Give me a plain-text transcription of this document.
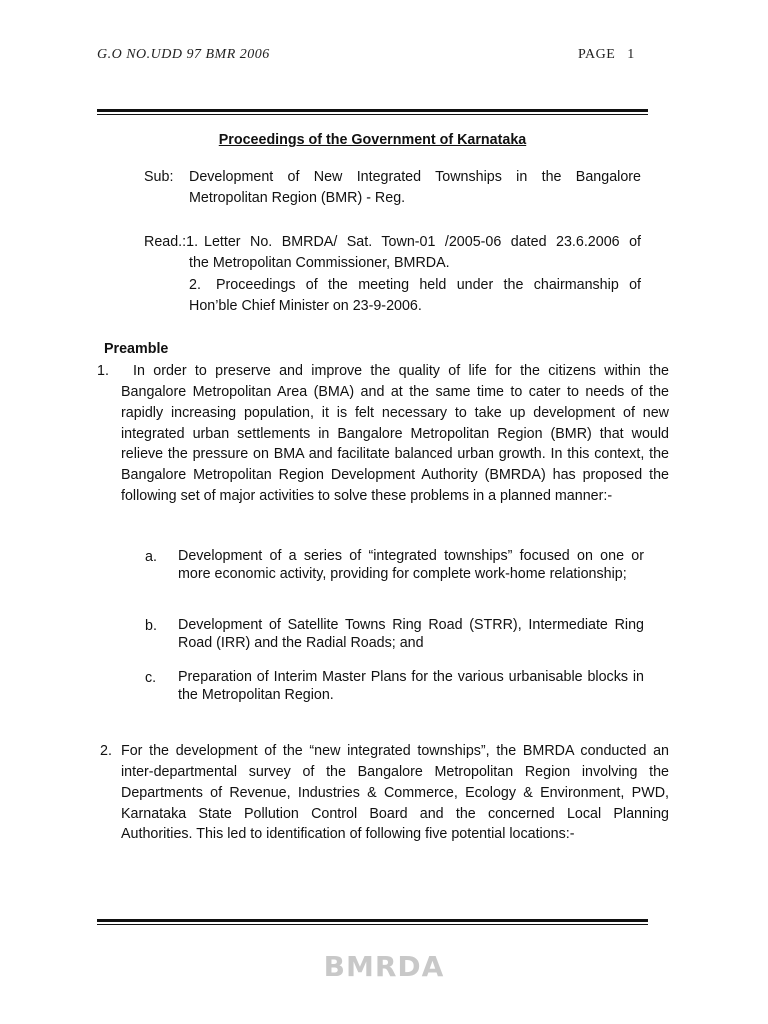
G.O NO.UDD 97 BMR 2006	PAGE 1
Proceedings of the Government of Karnataka
Sub: Development of New Integrated Townships in the Bangalore
Metropolitan Region (BMR) - Reg.
Read.:1. Letter No. BMRDA/ Sat. Town-01 /2005-06 dated 23.6.2006 of
the Metropolitan Commissioner, BMRDA.
2. Proceedings of the meeting held under the chairmanship of
Hon’ble Chief Minister on 23-9-2006.
Preamble
1. In order to preserve and improve the quality of life for the citizens within the
Bangalore Metropolitan Area (BMA) and at the same time to cater to needs of the rapidly increasing population, it is felt necessary to take up development of new integrated urban settlements in Bangalore Metropolitan Region (BMR) that would relieve the pressure on BMA and facilitate balanced urban growth. In this context, the Bangalore Metropolitan Region Development Authority (BMRDA) has proposed the following set of major activities to solve these problems in a planned manner:-
a. Development of a series of “integrated townships” focused on one or more economic activity, providing for complete work-home relationship;
b. Development of Satellite Towns Ring Road (STRR), Intermediate Ring Road (IRR) and the Radial Roads; and
c. Preparation of Interim Master Plans for the various urbanisable blocks in the Metropolitan Region.
2. For the development of the “new integrated townships”, the BMRDA conducted an
inter-departmental survey of the Bangalore Metropolitan Region involving the Departments of Revenue, Industries & Commerce, Ecology & Environment, PWD, Karnataka State Pollution Control Board and the concerned Local Planning Authorities. This led to identification of following five potential locations:-
BMRDA
